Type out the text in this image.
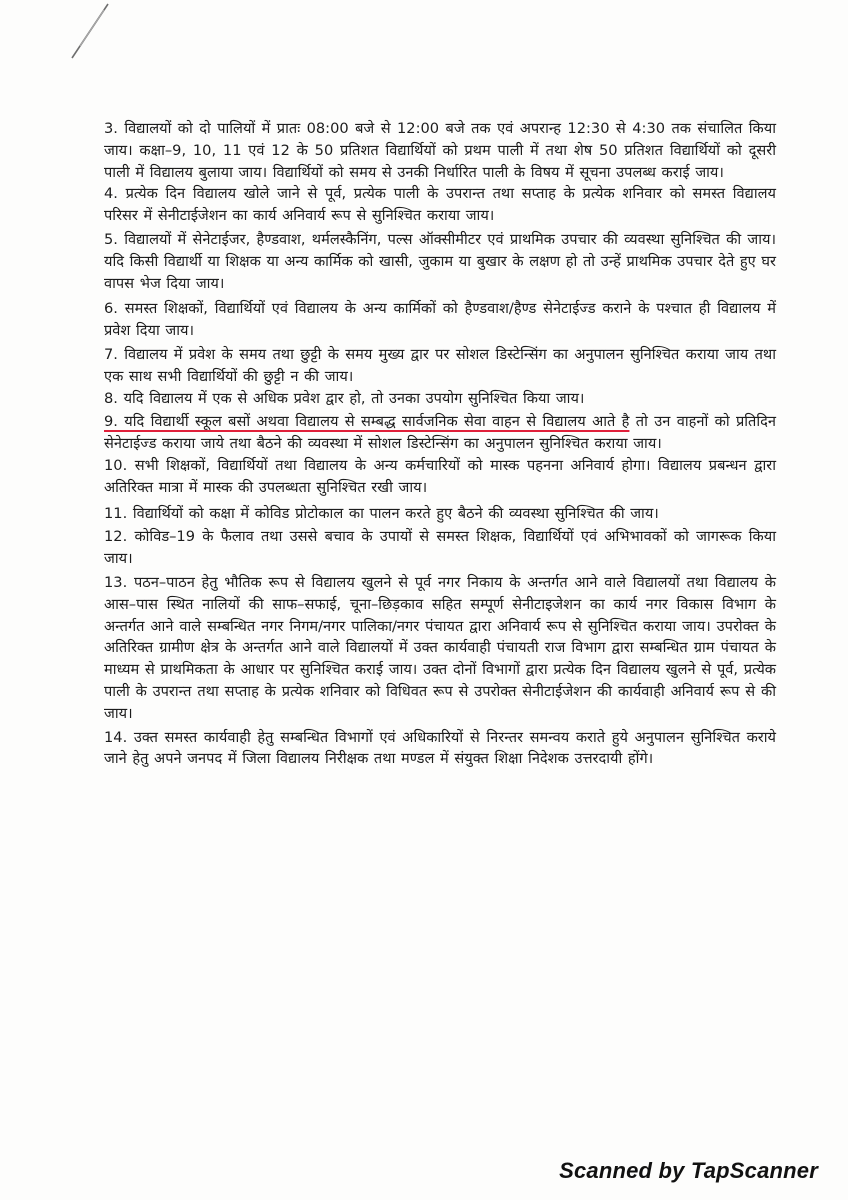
3. विद्यालयों को दो पालियों में प्रातः 08:00 बजे से 12:00 बजे तक एवं अपरान्ह 12:30 से 4:30 तक संचालित किया जाय। कक्षा–9, 10, 11 एवं 12 के 50 प्रतिशत विद्यार्थियों को प्रथम पाली में तथा शेष 50 प्रतिशत विद्यार्थियों को दूसरी पाली में विद्यालय बुलाया जाय। विद्यार्थियों को समय से उनकी निर्धारित पाली के विषय में सूचना उपलब्ध कराई जाय।

4. प्रत्येक दिन विद्यालय खोले जाने से पूर्व, प्रत्येक पाली के उपरान्त तथा सप्ताह के प्रत्येक शनिवार को समस्त विद्यालय परिसर में सेनीटाईजेशन का कार्य अनिवार्य रूप से सुनिश्चित कराया जाय।

5. विद्यालयों में सेनेटाईजर, हैण्डवाश, थर्मलस्कैनिंग, पल्स ऑक्सीमीटर एवं प्राथमिक उपचार की व्यवस्था सुनिश्चित की जाय। यदि किसी विद्यार्थी या शिक्षक या अन्य कार्मिक को खासी, जुकाम या बुखार के लक्षण हो तो उन्हें प्राथमिक उपचार देते हुए घर वापस भेज दिया जाय।

6. समस्त शिक्षकों, विद्यार्थियों एवं विद्यालय के अन्य कार्मिकों को हैण्डवाश/हैण्ड सेनेटाईज्ड कराने के पश्चात ही विद्यालय में प्रवेश दिया जाय।

7. विद्यालय में प्रवेश के समय तथा छुट्टी के समय मुख्य द्वार पर सोशल डिस्टेन्सिंग का अनुपालन सुनिश्चित कराया जाय तथा एक साथ सभी विद्यार्थियों की छुट्टी न की जाय।

8. यदि विद्यालय में एक से अधिक प्रवेश द्वार हो, तो उनका उपयोग सुनिश्चित किया जाय।

9. यदि विद्यार्थी स्कूल बसों अथवा विद्यालय से सम्बद्ध सार्वजनिक सेवा वाहन से विद्यालय आते है तो उन वाहनों को प्रतिदिन सेनेटाईज्ड कराया जाये तथा बैठने की व्यवस्था में सोशल डिस्टेन्सिंग का अनुपालन सुनिश्चित कराया जाय।

10. सभी शिक्षकों, विद्यार्थियों तथा विद्यालय के अन्य कर्मचारियों को मास्क पहनना अनिवार्य होगा। विद्यालय प्रबन्धन द्वारा अतिरिक्त मात्रा में मास्क की उपलब्धता सुनिश्चित रखी जाय।

11. विद्यार्थियों को कक्षा में कोविड प्रोटोकाल का पालन करते हुए बैठने की व्यवस्था सुनिश्चित की जाय।

12. कोविड–19 के फैलाव तथा उससे बचाव के उपायों से समस्त शिक्षक, विद्यार्थियों एवं अभिभावकों को जागरूक किया जाय।

13. पठन–पाठन हेतु भौतिक रूप से विद्यालय खुलने से पूर्व नगर निकाय के अन्तर्गत आने वाले विद्यालयों तथा विद्यालय के आस–पास स्थित नालियों की साफ–सफाई, चूना–छिड़काव सहित सम्पूर्ण सेनीटाइजेशन का कार्य नगर विकास विभाग के अन्तर्गत आने वाले सम्बन्धित नगर निगम/नगर पालिका/नगर पंचायत द्वारा अनिवार्य रूप से सुनिश्चित कराया जाय। उपरोक्त के अतिरिक्त ग्रामीण क्षेत्र के अन्तर्गत आने वाले विद्यालयों में उक्त कार्यवाही पंचायती राज विभाग द्वारा सम्बन्धित ग्राम पंचायत के माध्यम से प्राथमिकता के आधार पर सुनिश्चित कराई जाय। उक्त दोनों विभागों द्वारा प्रत्येक दिन विद्यालय खुलने से पूर्व, प्रत्येक पाली के उपरान्त तथा सप्ताह के प्रत्येक शनिवार को विधिवत रूप से उपरोक्त सेनीटाईजेशन की कार्यवाही अनिवार्य रूप से की जाय।

14. उक्त समस्त कार्यवाही हेतु सम्बन्धित विभागों एवं अधिकारियों से निरन्तर समन्वय कराते हुये अनुपालन सुनिश्चित कराये जाने हेतु अपने जनपद में जिला विद्यालय निरीक्षक तथा मण्डल में संयुक्त शिक्षा निदेशक उत्तरदायी होंगे।

Scanned by TapScanner
